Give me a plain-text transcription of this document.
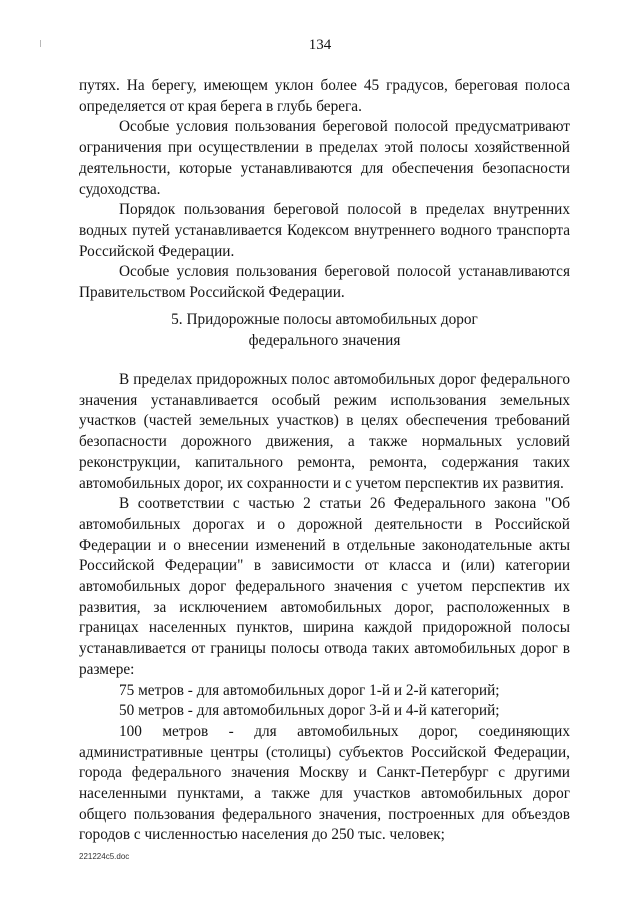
134

путях. На берегу, имеющем уклон более 45 градусов, береговая полоса определяется от края берега в глубь берега.

Особые условия пользования береговой полосой предусматривают ограничения при осуществлении в пределах этой полосы хозяйственной деятельности, которые устанавливаются для обеспечения безопасности судоходства.

Порядок пользования береговой полосой в пределах внутренних водных путей устанавливается Кодексом внутреннего водного транспорта Российской Федерации.

Особые условия пользования береговой полосой устанавливаются Правительством Российской Федерации.

5. Придорожные полосы автомобильных дорог
федерального значения

В пределах придорожных полос автомобильных дорог федерального значения устанавливается особый режим использования земельных участков (частей земельных участков) в целях обеспечения требований безопасности дорожного движения, а также нормальных условий реконструкции, капитального ремонта, ремонта, содержания таких автомобильных дорог, их сохранности и с учетом перспектив их развития.

В соответствии с частью 2 статьи 26 Федерального закона "Об автомобильных дорогах и о дорожной деятельности в Российской Федерации и о внесении изменений в отдельные законодательные акты Российской Федерации" в зависимости от класса и (или) категории автомобильных дорог федерального значения с учетом перспектив их развития, за исключением автомобильных дорог, расположенных в границах населенных пунктов, ширина каждой придорожной полосы устанавливается от границы полосы отвода таких автомобильных дорог в размере:

75 метров - для автомобильных дорог 1-й и 2-й категорий;

50 метров - для автомобильных дорог 3-й и 4-й категорий;

100 метров - для автомобильных дорог, соединяющих административные центры (столицы) субъектов Российской Федерации, города федерального значения Москву и Санкт-Петербург с другими населенными пунктами, а также для участков автомобильных дорог общего пользования федерального значения, построенных для объездов городов с численностью населения до 250 тыс. человек;

221224c5.doc
